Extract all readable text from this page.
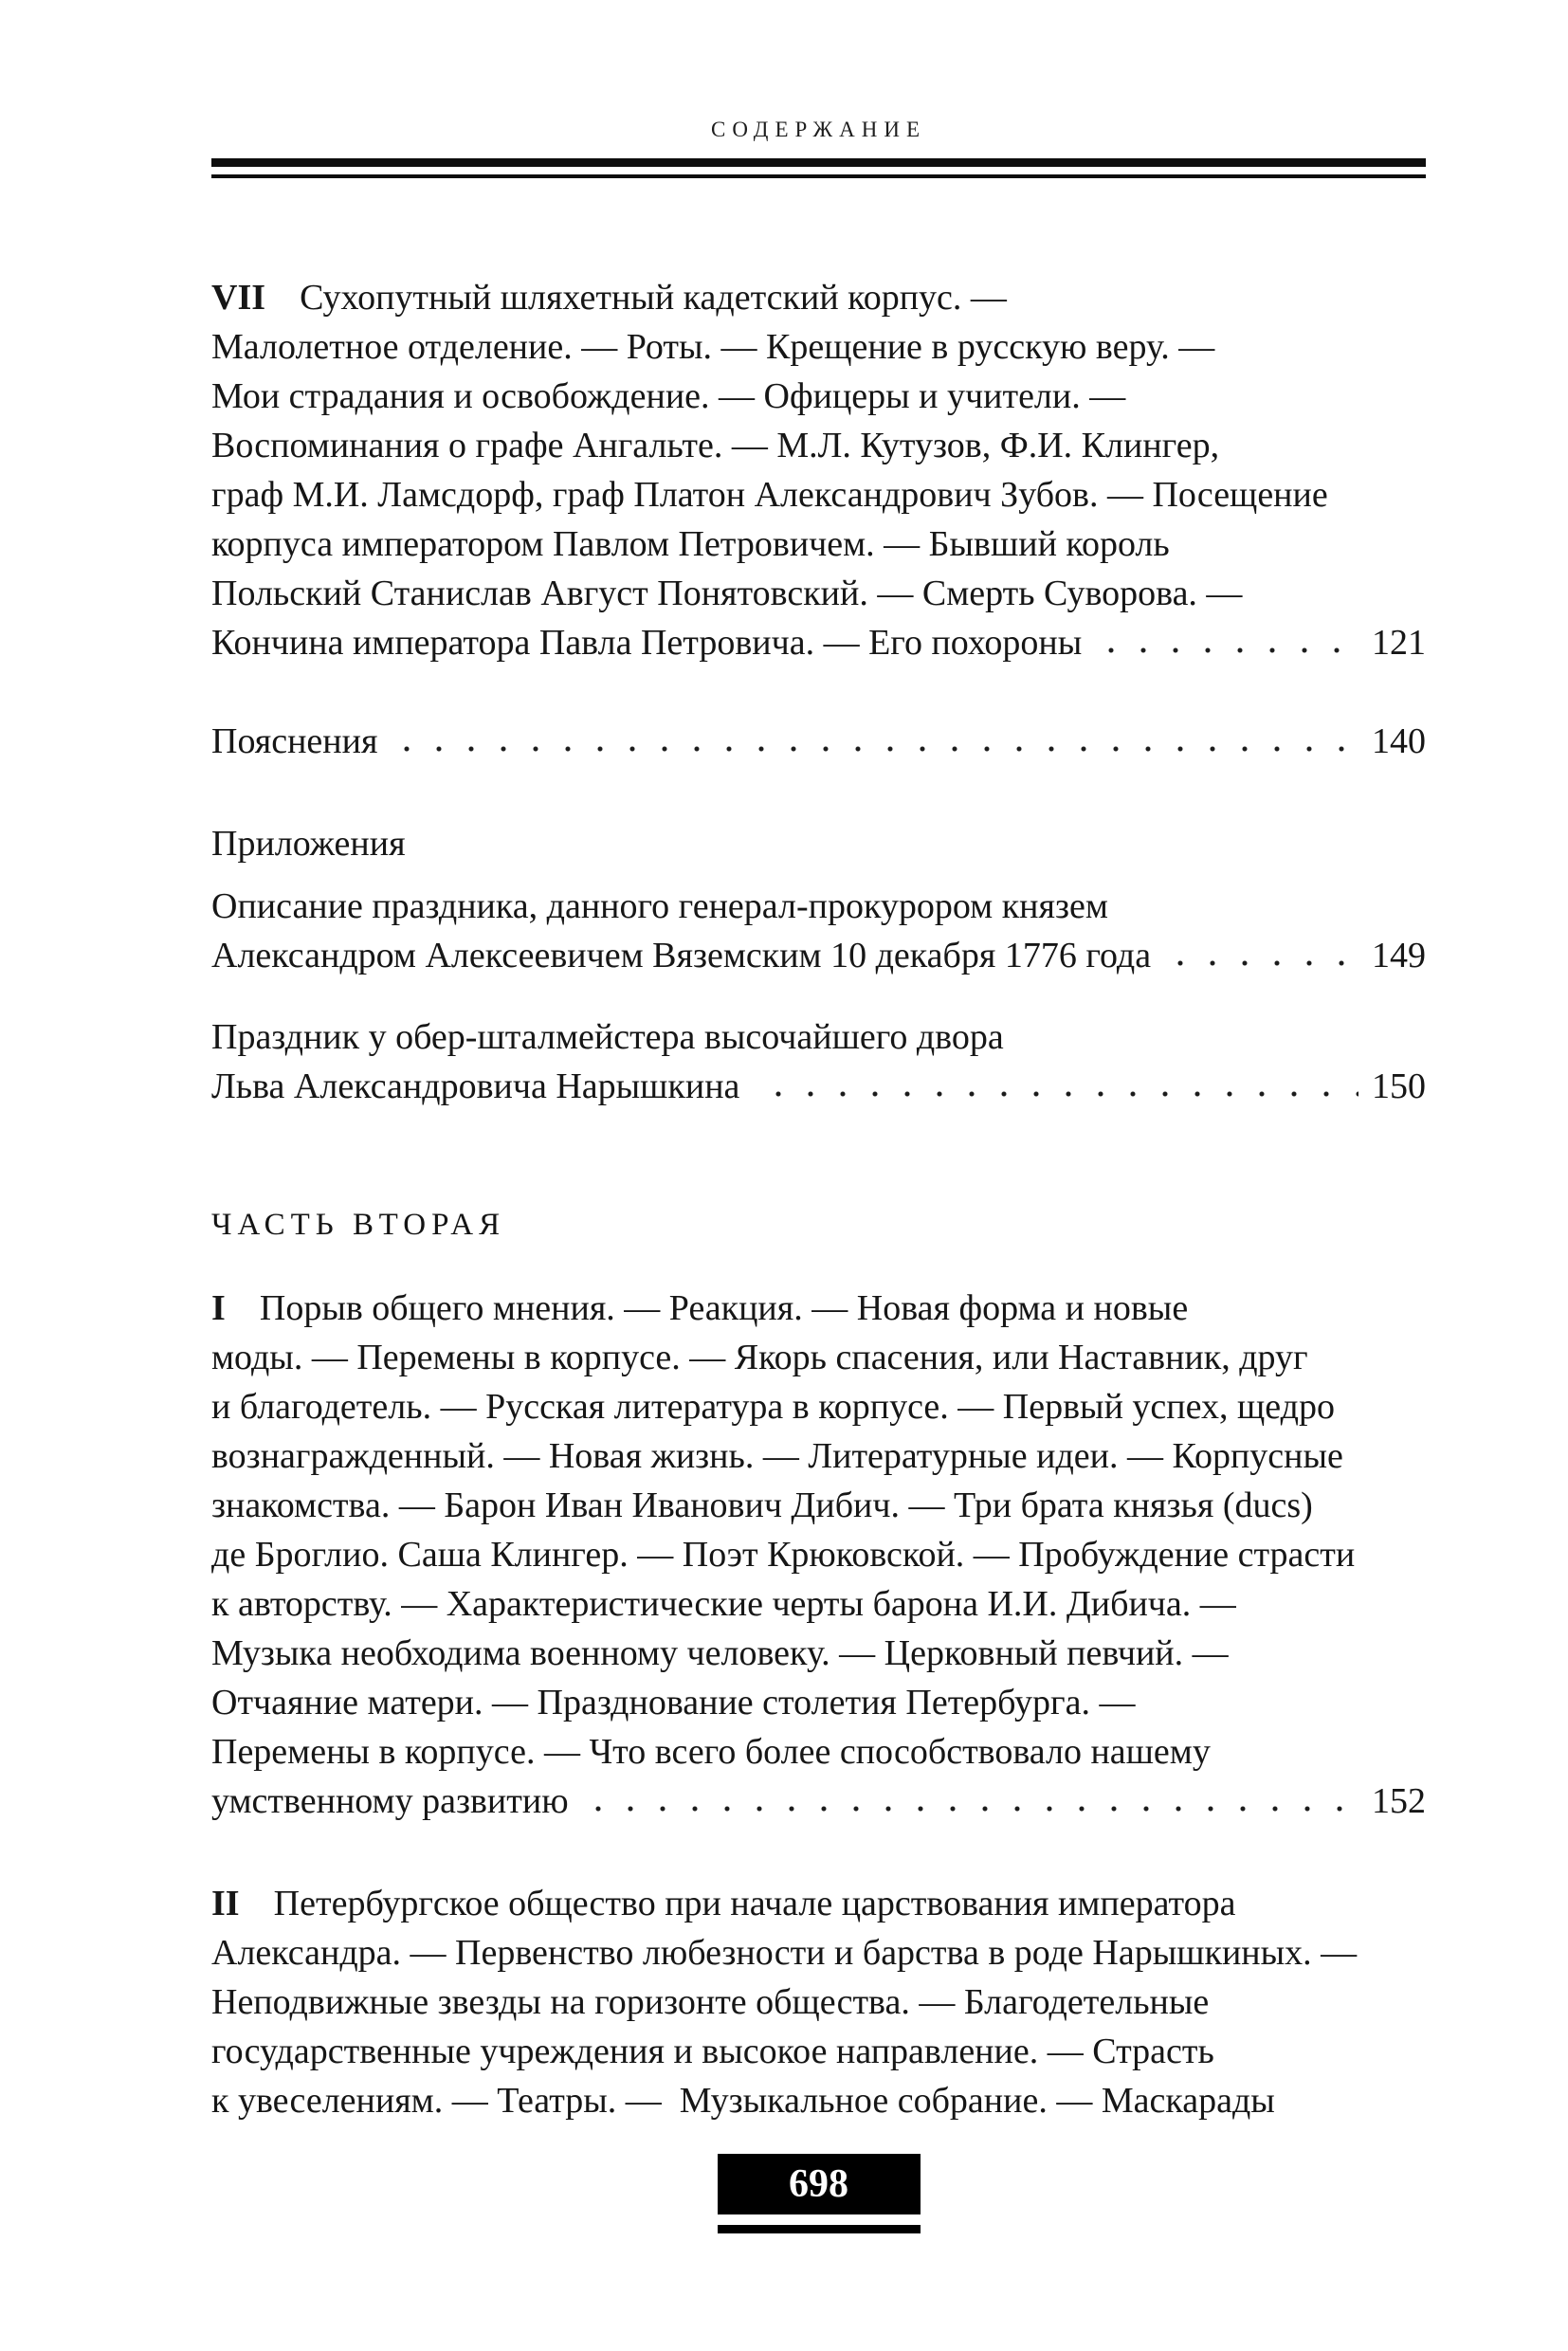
СОДЕРЖАНИЕ
VII Сухопутный шляхетный кадетский корпус. —
Малолетное отделение. — Роты. — Крещение в русскую веру. —
Мои страдания и освобождение. — Офицеры и учители. —
Воспоминания о графе Ангальте. — М.Л. Кутузов, Ф.И. Клингер,
граф М.И. Ламсдорф, граф Платон Александрович Зубов. — Посещение
корпуса императором Павлом Петровичем. — Бывший король
Польский Станислав Август Понятовский. — Смерть Суворова. —
Кончина императора Павла Петровича. — Его похороны	121
Пояснения	140
Приложения
Описание праздника, данного генерал-прокурором князем
Александром Алексеевичем Вяземским 10 декабря 1776 года	149
Праздник у обер-шталмейстера высочайшего двора
Льва Александровича Нарышкина	150
ЧАСТЬ ВТОРАЯ
I Порыв общего мнения. — Реакция. — Новая форма и новые
моды. — Перемены в корпусе. — Якорь спасения, или Наставник, друг
и благодетель. — Русская литература в корпусе. — Первый успех, щедро
вознагражденный. — Новая жизнь. — Литературные идеи. — Корпусные
знакомства. — Барон Иван Иванович Дибич. — Три брата князья (ducs)
де Броглио. Саша Клингер. — Поэт Крюковской. — Пробуждение страсти
к авторству. — Характеристические черты барона И.И. Дибича. —
Музыка необходима военному человеку. — Церковный певчий. —
Отчаяние матери. — Празднование столетия Петербурга. —
Перемены в корпусе. — Что всего более способствовало нашему
умственному развитию	152
II Петербургское общество при начале царствования императора
Александра. — Первенство любезности и барства в роде Нарышкиных. —
Неподвижные звезды на горизонте общества. — Благодетельные
государственные учреждения и высокое направление. — Страсть
к увеселениям. — Театры. —  Музыкальное собрание. — Маскарады
698
